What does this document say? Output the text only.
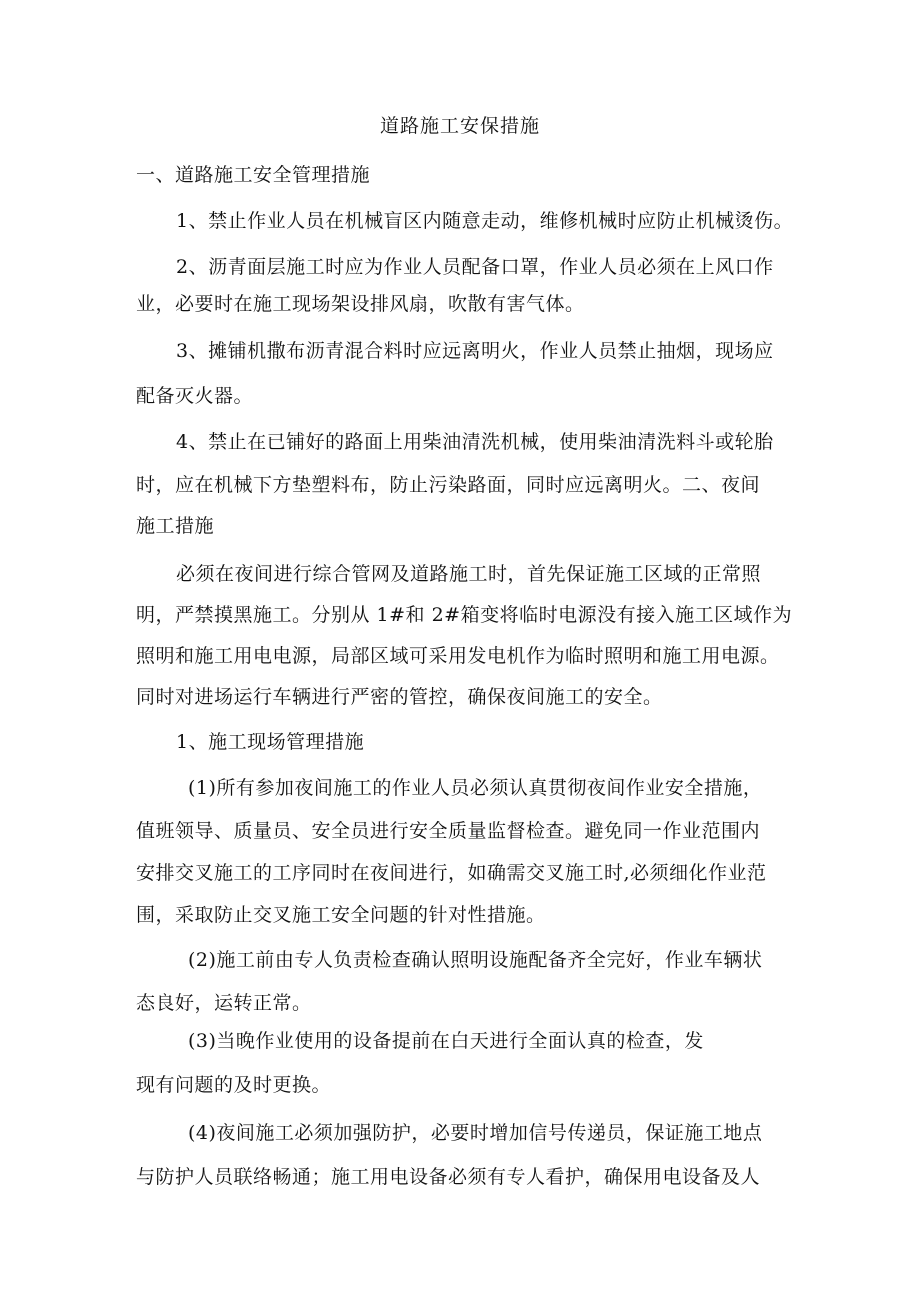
道路施工安保措施
一、道路施工安全管理措施
1、禁止作业人员在机械盲区内随意走动，维修机械时应防止机械烫伤。
2、沥青面层施工时应为作业人员配备口罩，作业人员必须在上风口作
业，必要时在施工现场架设排风扇，吹散有害气体。
3、摊铺机撒布沥青混合料时应远离明火，作业人员禁止抽烟，现场应
配备灭火器。
4、禁止在已铺好的路面上用柴油清洗机械，使用柴油清洗料斗或轮胎
时，应在机械下方垫塑料布，防止污染路面，同时应远离明火。二、夜间
施工措施
必须在夜间进行综合管网及道路施工时，首先保证施工区域的正常照
明，严禁摸黑施工。分别从 1#和 2#箱变将临时电源没有接入施工区域作为
照明和施工用电电源，局部区域可采用发电机作为临时照明和施工用电源。
同时对进场运行车辆进行严密的管控，确保夜间施工的安全。
1、施工现场管理措施
(1)所有参加夜间施工的作业人员必须认真贯彻夜间作业安全措施，
值班领导、质量员、安全员进行安全质量监督检查。避免同一作业范围内
安排交叉施工的工序同时在夜间进行，如确需交叉施工时,必须细化作业范
围，采取防止交叉施工安全问题的针对性措施。
(2)施工前由专人负责检查确认照明设施配备齐全完好，作业车辆状
态良好，运转正常。
(3)当晚作业使用的设备提前在白天进行全面认真的检查，发
现有问题的及时更换。
(4)夜间施工必须加强防护，必要时增加信号传递员，保证施工地点
与防护人员联络畅通；施工用电设备必须有专人看护，确保用电设备及人
